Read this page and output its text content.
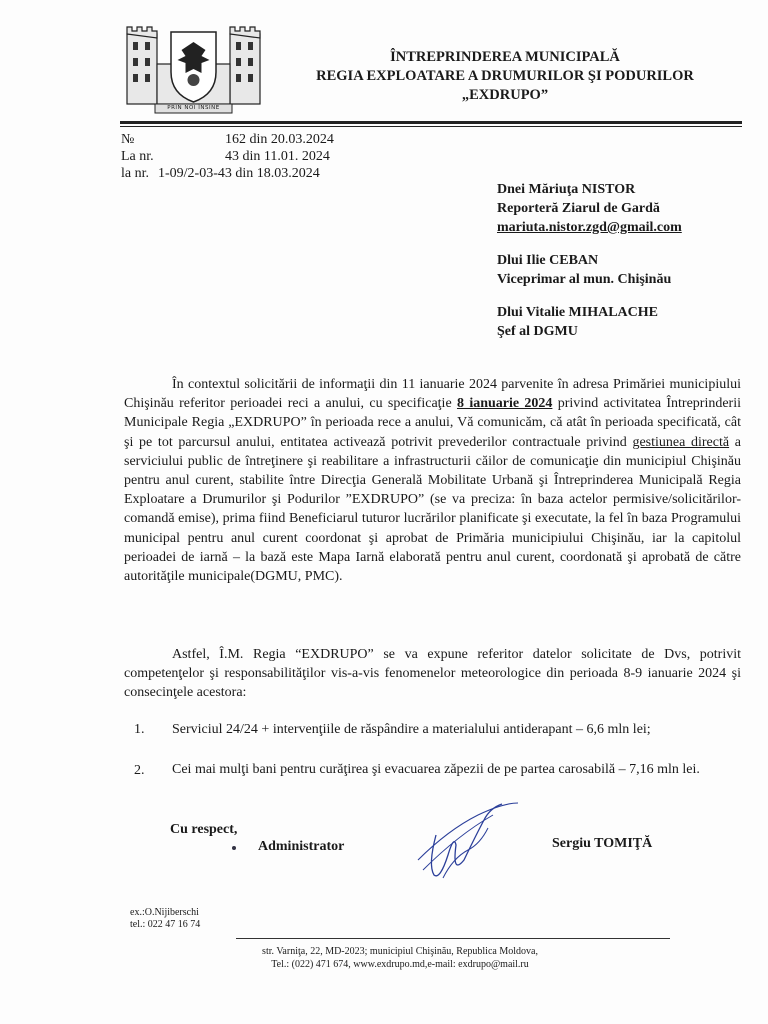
PRIN NOI ÎNSINE
ÎNTREPRINDEREA MUNICIPALĂ
REGIA EXPLOATARE A DRUMURILOR ŞI PODURILOR
„EXDRUPO”
№	162 din 20.03.2024
La nr.	43 din 11.01. 2024
la nr. 1-09/2-03-43 din 18.03.2024
Dnei Măriuţa NISTOR
Reporteră Ziarul de Gardă
mariuta.nistor.zgd@gmail.com
Dlui Ilie CEBAN
Viceprimar al mun. Chişinău
Dlui Vitalie MIHALACHE
Şef al DGMU
În contextul solicitării de informaţii din 11 ianuarie 2024 parvenite în adresa Primăriei municipiului Chişinău referitor perioadei reci a anului, cu specificaţie 8 ianuarie 2024 privind activitatea Întreprinderii Municipale Regia „EXDRUPO” în perioada rece a anului, Vă comunicăm, că atât în perioada specificată, cât şi pe tot parcursul anului, entitatea activează potrivit prevederilor contractuale privind gestiunea directă a serviciului public de întreţinere şi reabilitare a infrastructurii căilor de comunicaţie din municipiul Chişinău pentru anul curent, stabilite între Direcţia Generală Mobilitate Urbană şi Întreprinderea Municipală Regia Exploatare a Drumurilor şi Podurilor ”EXDRUPO” (se va preciza: în baza actelor permisive/solicitărilor-comandă emise), prima fiind Beneficiarul tuturor lucrărilor planificate şi executate, la fel în baza Programului municipal pentru anul curent coordonat şi aprobat de Primăria municipiului Chişinău, iar la capitolul perioadei de iarnă – la bază este Mapa Iarnă elaborată pentru anul curent, coordonată şi aprobată de către autorităţile municipale(DGMU, PMC).
Astfel, Î.M. Regia “EXDRUPO” se va expune referitor datelor solicitate de Dvs, potrivit competenţelor şi responsabilităţilor vis-a-vis fenomenelor meteorologice din perioada 8-9 ianuarie 2024 şi consecinţele acestora:
1. Serviciul 24/24 + intervenţiile de răspândire a materialului antiderapant – 6,6 mln lei;
2. Cei mai mulţi bani pentru curăţirea şi evacuarea zăpezii de pe partea carosabilă – 7,16 mln lei.
Cu respect,
Administrator	Sergiu TOMIŢĂ
ex.:O.Nijiberschi
tel.: 022 47 16 74
str. Varniţa, 22, MD-2023; municipiul Chişinău, Republica Moldova,
Tel.: (022) 471 674, www.exdrupo.md,e-mail: exdrupo@mail.ru
